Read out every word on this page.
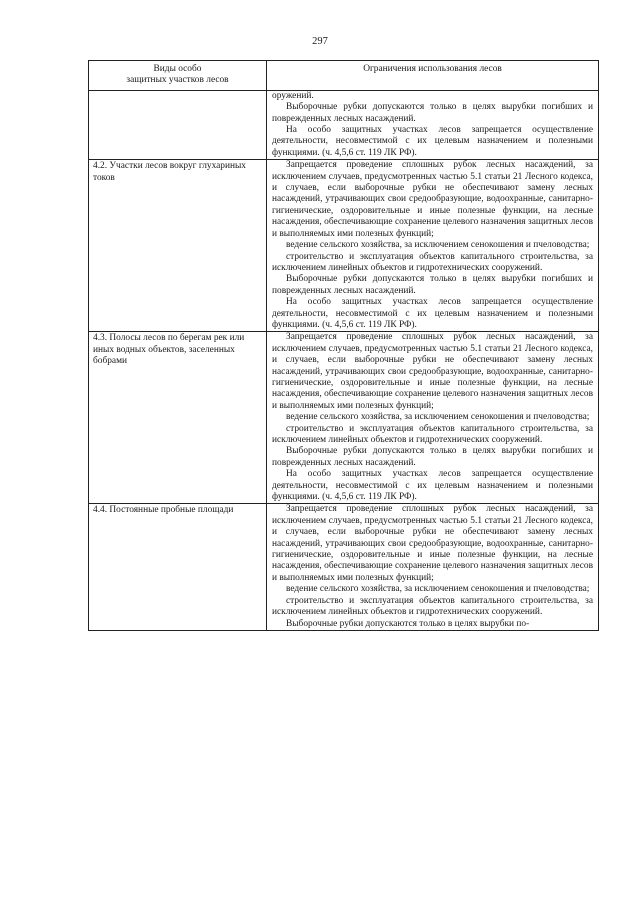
297
Виды особо
защитных участков лесов	Ограничения использования лесов

	оружений.

Выборочные рубки допускаются только в целях вырубки погибших и поврежденных лесных насаждений.

На особо защитных участках лесов запрещается осуществление деятельности, несовместимой с их целевым назначением и полезными функциями. (ч. 4,5,6 ст. 119 ЛК РФ).

4.2. Участки лесов вокруг глухариных токов	Запрещается проведение сплошных рубок лесных насаждений, за исключением случаев, предусмотренных частью 5.1 статьи 21 Лесного кодекса, и случаев, если выборочные рубки не обеспечивают замену лесных насаждений, утрачивающих свои средообразующие, водоохранные, санитарно-гигиенические, оздоровительные и иные полезные функции, на лесные насаждения, обеспечивающие сохранение целевого назначения защитных лесов и выполняемых ими полезных функций;

ведение сельского хозяйства, за исключением сенокошения и пчеловодства;

строительство и эксплуатация объектов капитального строительства, за исключением линейных объектов и гидротехнических сооружений.

Выборочные рубки допускаются только в целях вырубки погибших и поврежденных лесных насаждений.

На особо защитных участках лесов запрещается осуществление деятельности, несовместимой с их целевым назначением и полезными функциями. (ч. 4,5,6 ст. 119 ЛК РФ).

4.3. Полосы лесов по берегам рек или иных водных объектов, заселенных бобрами	Запрещается проведение сплошных рубок лесных насаждений, за исключением случаев, предусмотренных частью 5.1 статьи 21 Лесного кодекса, и случаев, если выборочные рубки не обеспечивают замену лесных насаждений, утрачивающих свои средообразующие, водоохранные, санитарно-гигиенические, оздоровительные и иные полезные функции, на лесные насаждения, обеспечивающие сохранение целевого назначения защитных лесов и выполняемых ими полезных функций;

ведение сельского хозяйства, за исключением сенокошения и пчеловодства;

строительство и эксплуатация объектов капитального строительства, за исключением линейных объектов и гидротехнических сооружений.

Выборочные рубки допускаются только в целях вырубки погибших и поврежденных лесных насаждений.

На особо защитных участках лесов запрещается осуществление деятельности, несовместимой с их целевым назначением и полезными функциями. (ч. 4,5,6 ст. 119 ЛК РФ).

4.4. Постоянные пробные площади	Запрещается проведение сплошных рубок лесных насаждений, за исключением случаев, предусмотренных частью 5.1 статьи 21 Лесного кодекса, и случаев, если выборочные рубки не обеспечивают замену лесных насаждений, утрачивающих свои средообразующие, водоохранные, санитарно-гигиенические, оздоровительные и иные полезные функции, на лесные насаждения, обеспечивающие сохранение целевого назначения защитных лесов и выполняемых ими полезных функций;

ведение сельского хозяйства, за исключением сенокошения и пчеловодства;

строительство и эксплуатация объектов капитального строительства, за исключением линейных объектов и гидротехнических сооружений.

Выборочные рубки допускаются только в целях вырубки по-
